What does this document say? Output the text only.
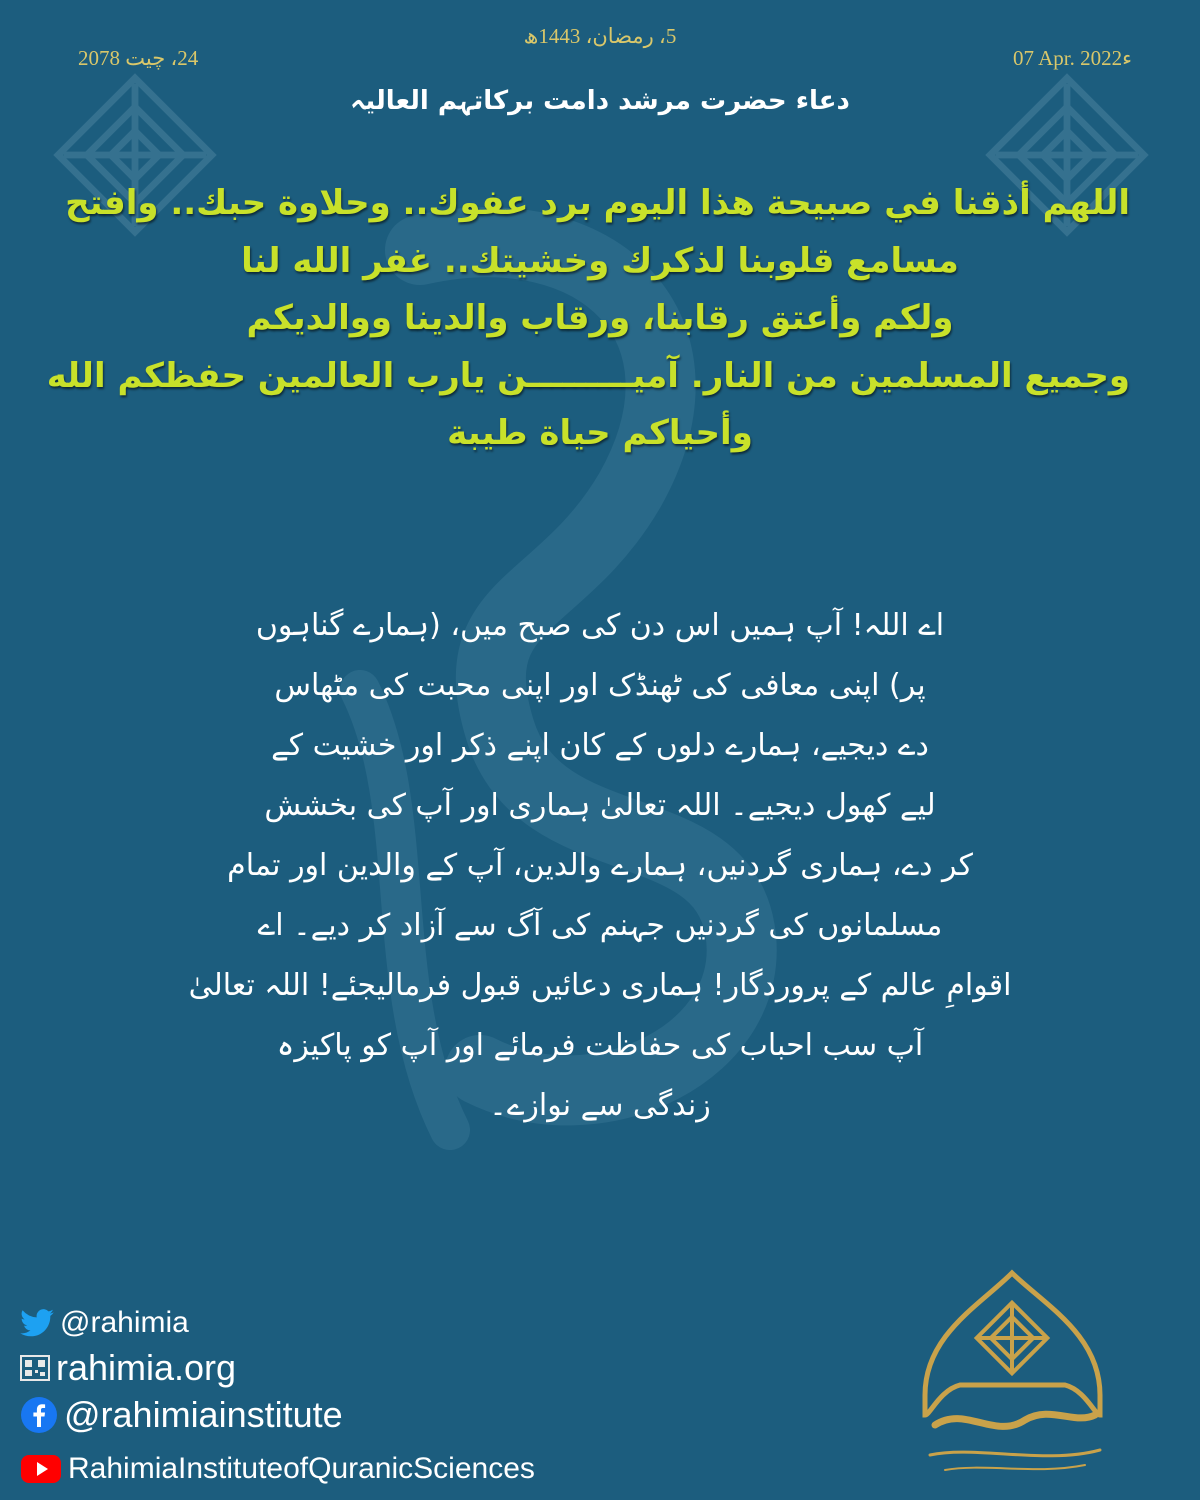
24، چیت 2078
5، رمضان، 1443ھ
07 Apr. 2022ء
دعاء حضرت مرشد دامت برکاتہم العالیہ
اللهم أذقنا في صبيحة هذا اليوم برد عفوك.. وحلاوة حبك.. وافتح
مسامع قلوبنا لذكرك وخشيتك.. غفر الله لنا
ولكم وأعتق رقابنا، ورقاب والدينا ووالديكم
وجميع المسلمين من النار. آميـــــــــن يارب العالمين حفظكم الله
وأحياكم حياة طيبة
اے اللہ! آپ ہمیں اس دن کی صبح میں، (ہمارے گناہوں
پر) اپنی معافی کی ٹھنڈک اور اپنی محبت کی مٹھاس
دے دیجیے، ہمارے دلوں کے کان اپنے ذکر اور خشیت کے
لیے کھول دیجیے۔ اللہ تعالیٰ ہماری اور آپ کی بخشش
کر دے، ہماری گردنیں، ہمارے والدین، آپ کے والدین اور تمام
مسلمانوں کی گردنیں جہنم کی آگ سے آزاد کر دیے۔ اے
اقوامِ عالم کے پروردگار! ہماری دعائیں قبول فرمالیجئے! اللہ تعالیٰ
آپ سب احباب کی حفاظت فرمائے اور آپ کو پاکیزہ
زندگی سے نوازے۔
@rahimia
rahimia.org
@rahimiainstitute
RahimiaInstituteofQuranicSciences
